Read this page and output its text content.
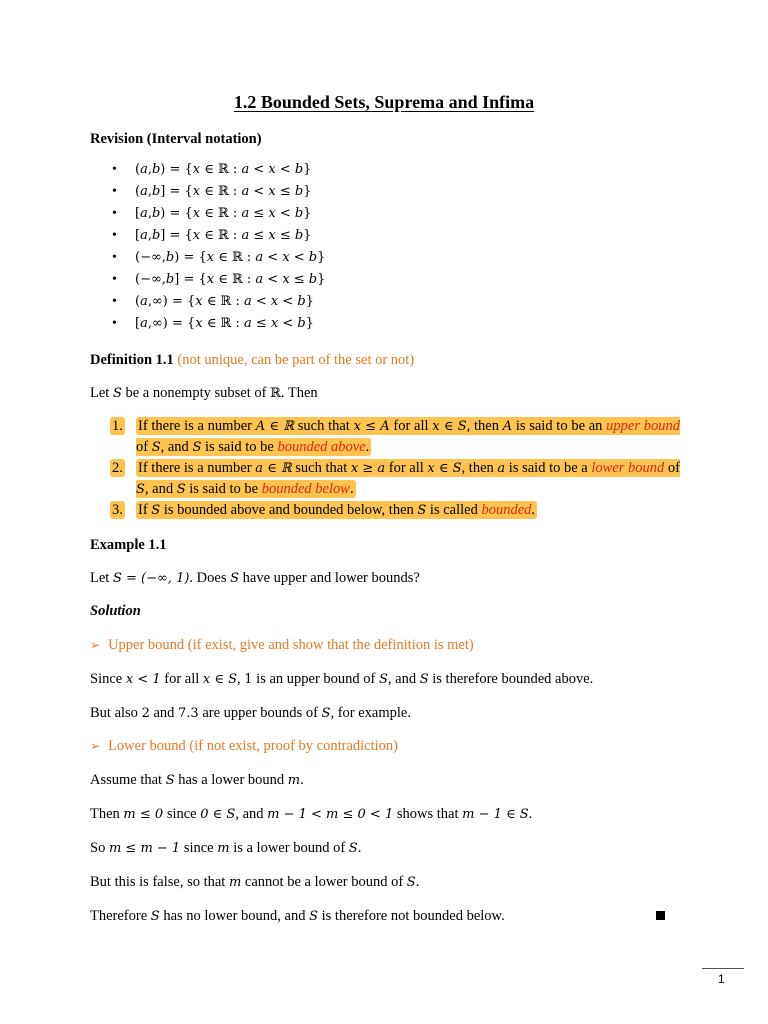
1.2 Bounded Sets, Suprema and Infima
Revision (Interval notation)
• (𝑎,𝑏) = {𝑥 ∈ ℝ : 𝑎 < 𝑥 < 𝑏}
• (𝑎,𝑏] = {𝑥 ∈ ℝ : 𝑎 < 𝑥 ≤ 𝑏}
• [𝑎,𝑏) = {𝑥 ∈ ℝ : 𝑎 ≤ 𝑥 < 𝑏}
• [𝑎,𝑏] = {𝑥 ∈ ℝ : 𝑎 ≤ 𝑥 ≤ 𝑏}
• (−∞,𝑏) = {𝑥 ∈ ℝ : 𝑎 < 𝑥 < 𝑏}
• (−∞,𝑏] = {𝑥 ∈ ℝ : 𝑎 < 𝑥 ≤ 𝑏}
• (𝑎,∞) = {𝑥 ∈ ℝ : 𝑎 < 𝑥 < 𝑏}
• [𝑎,∞) = {𝑥 ∈ ℝ : 𝑎 ≤ 𝑥 < 𝑏}
Definition 1.1 (not unique, can be part of the set or not)
Let 𝑆 be a nonempty subset of ℝ. Then
1.	If there is a number 𝐴 ∈ ℝ such that 𝑥 ≤ 𝐴 for all 𝑥 ∈ 𝑆, then 𝐴 is said to be an upper bound of 𝑆, and 𝑆 is said to be bounded above.
2.	If there is a number 𝑎 ∈ ℝ such that 𝑥 ≥ 𝑎 for all 𝑥 ∈ 𝑆, then 𝑎 is said to be a lower bound of 𝑆, and 𝑆 is said to be bounded below.
3.	If 𝑆 is bounded above and bounded below, then 𝑆 is called bounded.
Example 1.1
Let 𝑆 = (−∞, 1). Does 𝑆 have upper and lower bounds?
Solution
➢ Upper bound (if exist, give and show that the definition is met)
Since 𝑥 < 1 for all 𝑥 ∈ 𝑆, 1 is an upper bound of 𝑆, and 𝑆 is therefore bounded above.
But also 2 and 7.3 are upper bounds of 𝑆, for example.
➢ Lower bound (if not exist, proof by contradiction)
Assume that 𝑆 has a lower bound 𝑚.
Then 𝑚 ≤ 0 since 0 ∈ 𝑆, and 𝑚 − 1 < 𝑚 ≤ 0 < 1 shows that 𝑚 − 1 ∈ 𝑆.
So 𝑚 ≤ 𝑚 − 1 since 𝑚 is a lower bound of 𝑆.
But this is false, so that 𝑚 cannot be a lower bound of 𝑆.
Therefore 𝑆 has no lower bound, and 𝑆 is therefore not bounded below.
1
